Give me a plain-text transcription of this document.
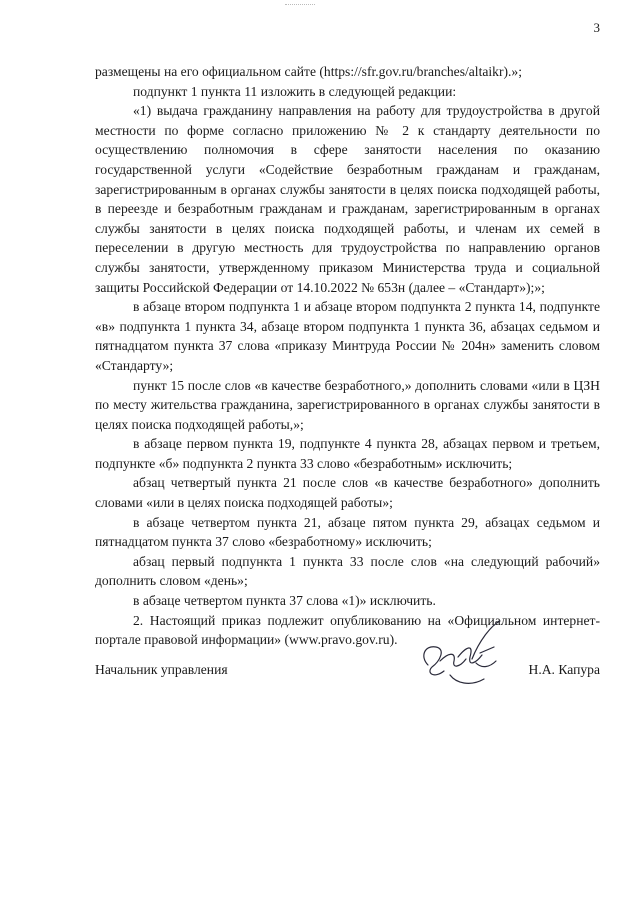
3

размещены на его официальном сайте (https://sfr.gov.ru/branches/altaikr).»;

подпункт 1 пункта 11 изложить в следующей редакции:

«1) выдача гражданину направления на работу для трудоустройства в другой местности по форме согласно приложению № 2 к стандарту деятельности по осуществлению полномочия в сфере занятости населения по оказанию государственной услуги «Содействие безработным гражданам и гражданам, зарегистрированным в органах службы занятости в целях поиска подходящей работы, в переезде и безработным гражданам и гражданам, зарегистрированным в органах службы занятости в целях поиска подходящей работы, и членам их семей в переселении в другую местность для трудоустройства по направлению органов службы занятости, утвержденному приказом Министерства труда и социальной защиты Российской Федерации от 14.10.2022 № 653н (далее – «Стандарт»);»;

в абзаце втором подпункта 1 и абзаце втором подпункта 2 пункта 14, подпункте «в» подпункта 1 пункта 34, абзаце втором подпункта 1 пункта 36, абзацах седьмом и пятнадцатом пункта 37 слова «приказу Минтруда России № 204н» заменить словом «Стандарту»;

пункт 15 после слов «в качестве безработного,» дополнить словами «или в ЦЗН по месту жительства гражданина, зарегистрированного в органах службы занятости в целях поиска подходящей работы,»;

в абзаце первом пункта 19, подпункте 4 пункта 28, абзацах первом и третьем, подпункте «б» подпункта 2 пункта 33 слово «безработным» исключить;

абзац четвертый пункта 21 после слов «в качестве безработного» дополнить словами «или в целях поиска подходящей работы»;

в абзаце четвертом пункта 21, абзаце пятом пункта 29, абзацах седьмом и пятнадцатом пункта 37 слово «безработному» исключить;

абзац первый подпункта 1 пункта 33 после слов «на следующий рабочий» дополнить словом «день»;

в абзаце четвертом пункта 37 слова «1)» исключить.

2. Настоящий приказ подлежит опубликованию на «Официальном интернет-портале правовой информации» (www.pravo.gov.ru).

Начальник управления	Н.А. Капура
